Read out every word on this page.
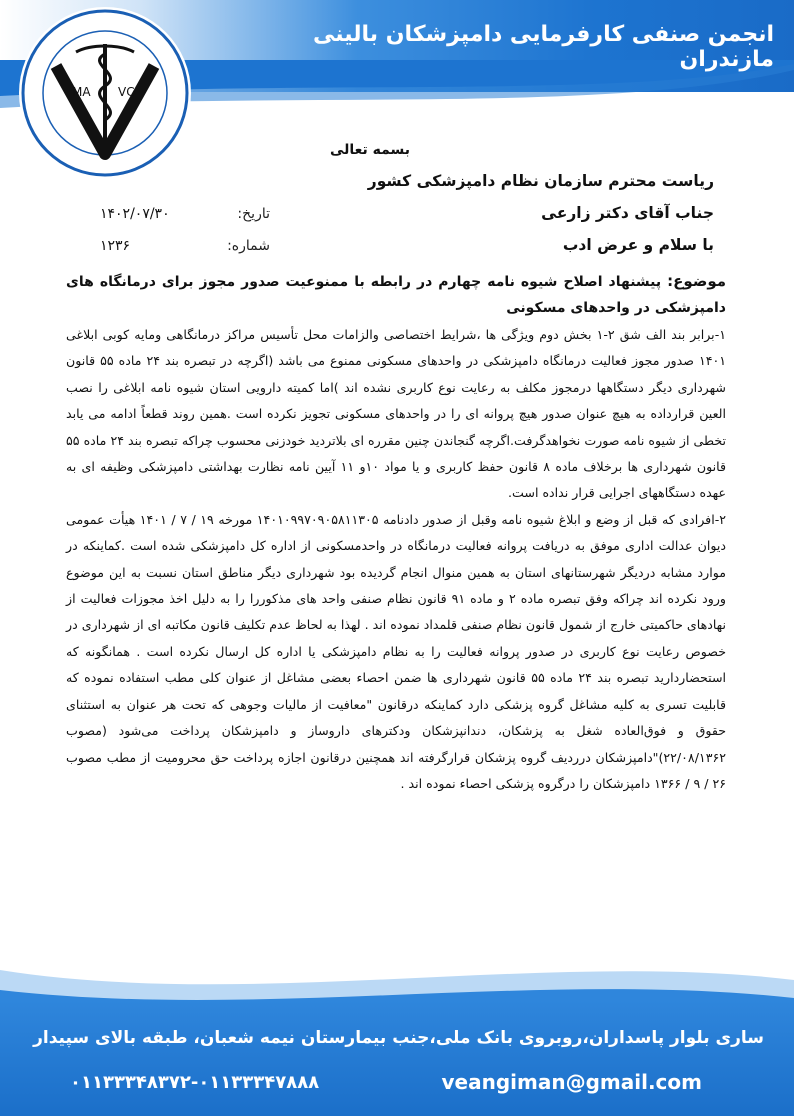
انجمن صنفی کارفرمایی دامپزشکان بالینی مازندران
MA VC
بسمه تعالی
ریاست محترم سازمان نظام دامپزشکی کشور
جناب آقای دکتر زارعی
با سلام و عرض ادب
تاریخ:
۱۴۰۲/۰۷/۳۰
شماره:
۱۲۳۶
موضوع: پیشنهاد اصلاح شیوه نامه چهارم در رابطه با ممنوعیت صدور مجوز برای درمانگاه های دامپزشکی در واحدهای مسکونی

۱-برابر بند الف شق ۲-۱ بخش دوم ویژگی ها ،شرایط اختصاصی والزامات محل تأسیس مراکز درمانگاهی ومایه کوبی ابلاغی ۱۴۰۱ صدور مجوز فعالیت درمانگاه دامپزشکی در واحدهای مسکونی ممنوع می باشد (اگرچه در تبصره بند ۲۴ ماده ۵۵ قانون شهرداری دیگر دستگاهها درمجوز مکلف به رعایت نوع کاربری نشده اند )اما کمیته دارویی استان شیوه نامه ابلاغی را نصب العین قرارداده به هیچ عنوان صدور هیچ پروانه ای را در واحدهای مسکونی تجویز نکرده است .همین روند قطعاً ادامه می یابد تخطی از شیوه نامه صورت نخواهدگرفت.اگرچه گنجاندن چنین مقرره ای بلاتردید خودزنی محسوب چراکه تبصره بند ۲۴ ماده ۵۵ قانون شهرداری ها برخلاف ماده ۸ قانون حفظ کاربری و یا مواد ۱۰و ۱۱ آیین نامه نظارت بهداشتی دامپزشکی وظیفه ای به عهده دستگاههای اجرایی قرار نداده است.

۲-افرادی که قبل از وضع و ابلاغ شیوه نامه وقبل از صدور دادنامه ۱۴۰۱۰۹۹۷۰۹۰۵۸۱۱۳۰۵ مورخه ۱۹ / ۷ / ۱۴۰۱ هیأت عمومی دیوان عدالت اداری موفق به دریافت پروانه فعالیت درمانگاه در واحدمسکونی از اداره کل دامپزشکی شده است .کماینکه در موارد مشابه دردیگر شهرستانهای استان به همین منوال انجام گردیده بود شهرداری دیگر مناطق استان نسبت به این موضوع ورود نکرده اند چراکه وفق تبصره ماده ۲ و ماده ۹۱ قانون نظام صنفی واحد های مذکوررا را به دلیل اخذ مجوزات فعالیت از نهادهای حاکمیتی خارج از شمول قانون نظام صنفی قلمداد نموده اند . لهذا به لحاظ عدم تکلیف قانون مکاتبه ای از شهرداری در خصوص رعایت نوع کاربری در صدور پروانه فعالیت را به نظام دامپزشکی یا اداره کل ارسال نکرده است . همانگونه که استحضاردارید تبصره بند ۲۴ ماده ۵۵ قانون شهرداری ها ضمن احصاء بعضی مشاغل از عنوان کلی مطب استفاده نموده که قابلیت تسری به کلیه مشاغل گروه پزشکی دارد کماینکه درقانون "معافیت از مالیات وجوهی که تحت هر عنوان به استثنای حقوق و فوق‌العاده شغل به پزشکان، دندانپزشکان ودکترهای داروساز و دامپزشکان پرداخت می‌شود (مصوب ۲۲/۰۸/۱۳۶۲)"دامپزشکان درردیف گروه پزشکان قرارگرفته اند همچنین درقانون اجازه پرداخت حق محرومیت از مطب مصوب ۲۶ / ۹ / ۱۳۶۶ دامپزشکان را درگروه پزشکی احصاء نموده اند .

ساری بلوار پاسداران،روبروی بانک ملی،جنب بیمارستان نیمه شعبان، طبقه بالای سپیدار
۰۱۱۳۳۳۴۸۳۷۲-۰۱۱۳۳۳۴۷۸۸۸	veangiman@gmail.com
